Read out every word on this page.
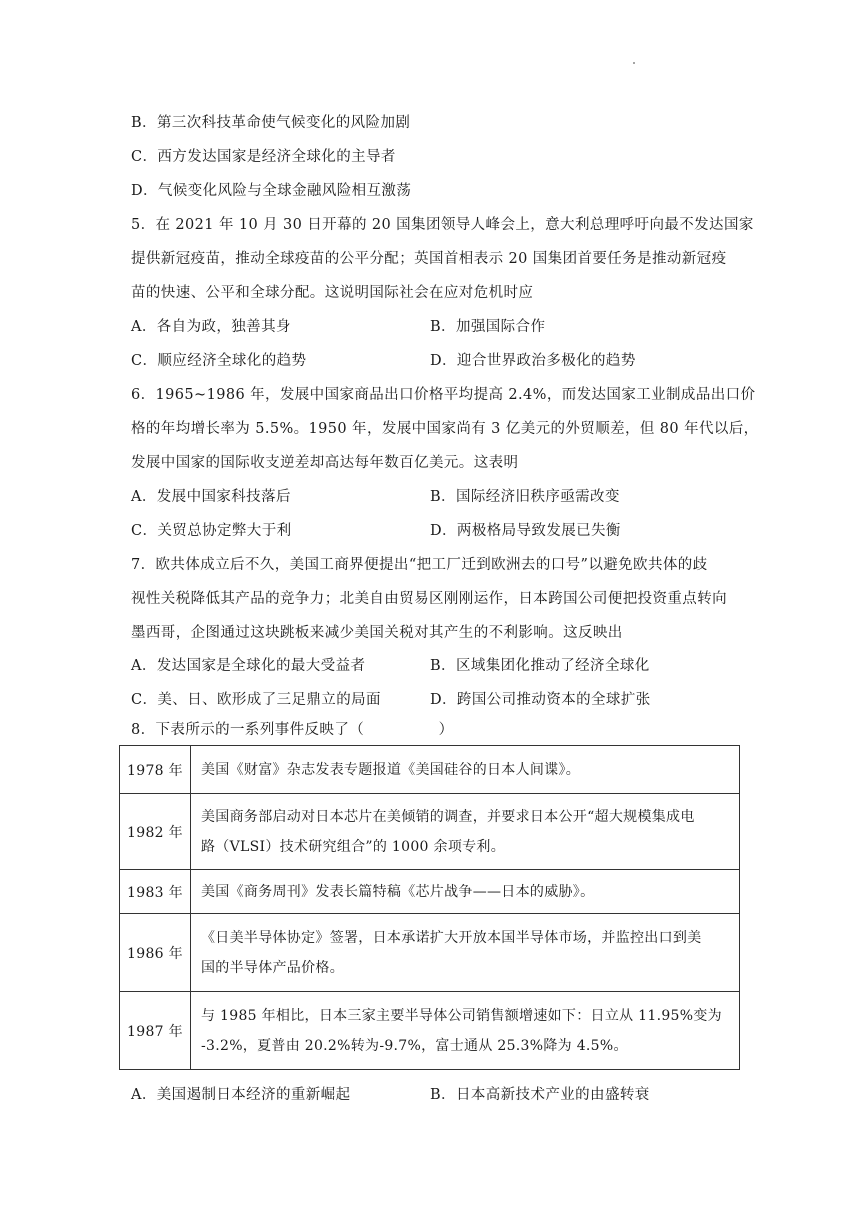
B．第三次科技革命使气候变化的风险加剧
C．西方发达国家是经济全球化的主导者
D．气候变化风险与全球金融风险相互激荡
5．在 2021 年 10 月 30 日开幕的 20 国集团领导人峰会上，意大利总理呼吁向最不发达国家
提供新冠疫苗，推动全球疫苗的公平分配；英国首相表示 20 国集团首要任务是推动新冠疫
苗的快速、公平和全球分配。这说明国际社会在应对危机时应
A．各自为政，独善其身	B．加强国际合作
C．顺应经济全球化的趋势	D．迎合世界政治多极化的趋势
6．1965~1986 年，发展中国家商品出口价格平均提高 2.4%，而发达国家工业制成品出口价
格的年均增长率为 5.5%。1950 年，发展中国家尚有 3 亿美元的外贸顺差，但 80 年代以后，
发展中国家的国际收支逆差却高达每年数百亿美元。这表明
A．发展中国家科技落后	B．国际经济旧秩序亟需改变
C．关贸总协定弊大于利	D．两极格局导致发展已失衡
7．欧共体成立后不久，美国工商界便提出“把工厂迁到欧洲去的口号”以避免欧共体的歧
视性关税降低其产品的竞争力；北美自由贸易区刚刚运作，日本跨国公司便把投资重点转向
墨西哥，企图通过这块跳板来减少美国关税对其产生的不利影响。这反映出
A．发达国家是全球化的最大受益者	B．区域集团化推动了经济全球化
C．美、日、欧形成了三足鼎立的局面	D．跨国公司推动资本的全球扩张
8．下表所示的一系列事件反映了（　　　　　）
1978 年	美国《财富》杂志发表专题报道《美国硅谷的日本人间谍》。
1982 年	美国商务部启动对日本芯片在美倾销的调查，并要求日本公开“超大规模集成电
路（VLSI）技术研究组合”的 1000 余项专利。

1983 年	美国《商务周刊》发表长篇特稿《芯片战争——日本的威胁》。
1986 年	《日美半导体协定》签署，日本承诺扩大开放本国半导体市场，并监控出口到美
国的半导体产品价格。

1987 年	与 1985 年相比，日本三家主要半导体公司销售额增速如下：日立从 11.95%变为
-3.2%，夏普由 20.2%转为-9.7%，富士通从 25.3%降为 4.5%。
A．美国遏制日本经济的重新崛起	B．日本高新技术产业的由盛转衰
